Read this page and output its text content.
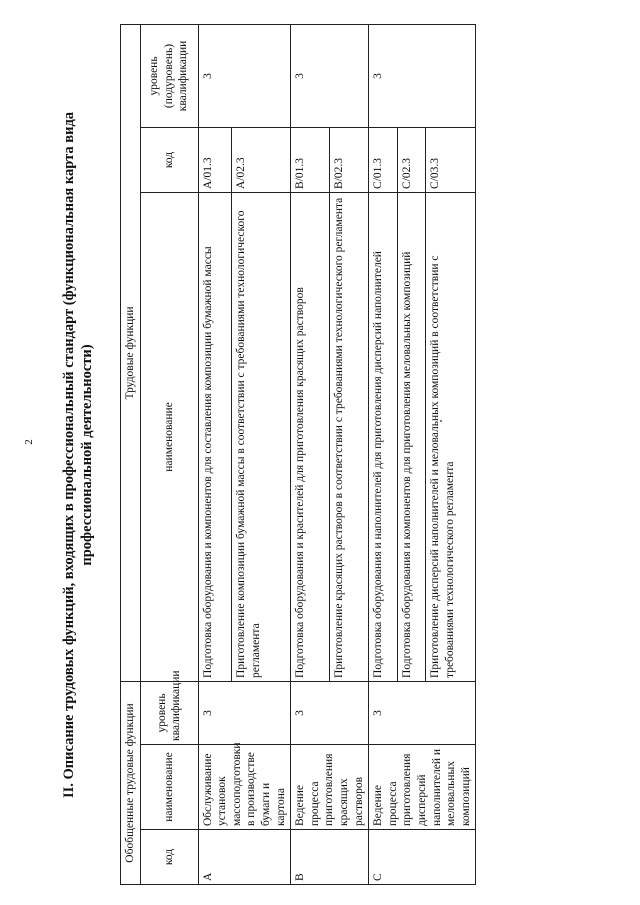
2 II. Описание трудовых функций, входящих в профессиональный стандарт (функциональная карта вида профессиональной деятельности)
Обобщенные трудовые функции			Трудовые функции		
код	наименование	уровень квалификации	наименование	код	уровень (подуровень) квалификации
A	Обслуживание установок массоподготовки в производстве бумаги и картона	3	Подготовка оборудования и компонентов для составления композиции бумажной массы	A/01.3	3
			Приготовление композиции бумажной массы в соответствии с требованиями технологического регламента	A/02.3	
B	Ведение процесса приготовления красящих растворов	3	Подготовка оборудования и красителей для приготовления красящих растворов	B/01.3	3
			Приготовление красящих растворов в соответствии с требованиями технологического регламента	B/02.3	
C	Ведение процесса приготовления дисперсий наполнителей и меловальных композиций	3	Подготовка оборудования и наполнителей для приготовления дисперсий наполнителей	C/01.3	3
			Подготовка оборудования и компонентов для приготовления меловальных композиций	C/02.3	
			Приготовление дисперсий наполнителей и меловальных композиций в соответствии с требованиями технологического регламента	C/03.3	
